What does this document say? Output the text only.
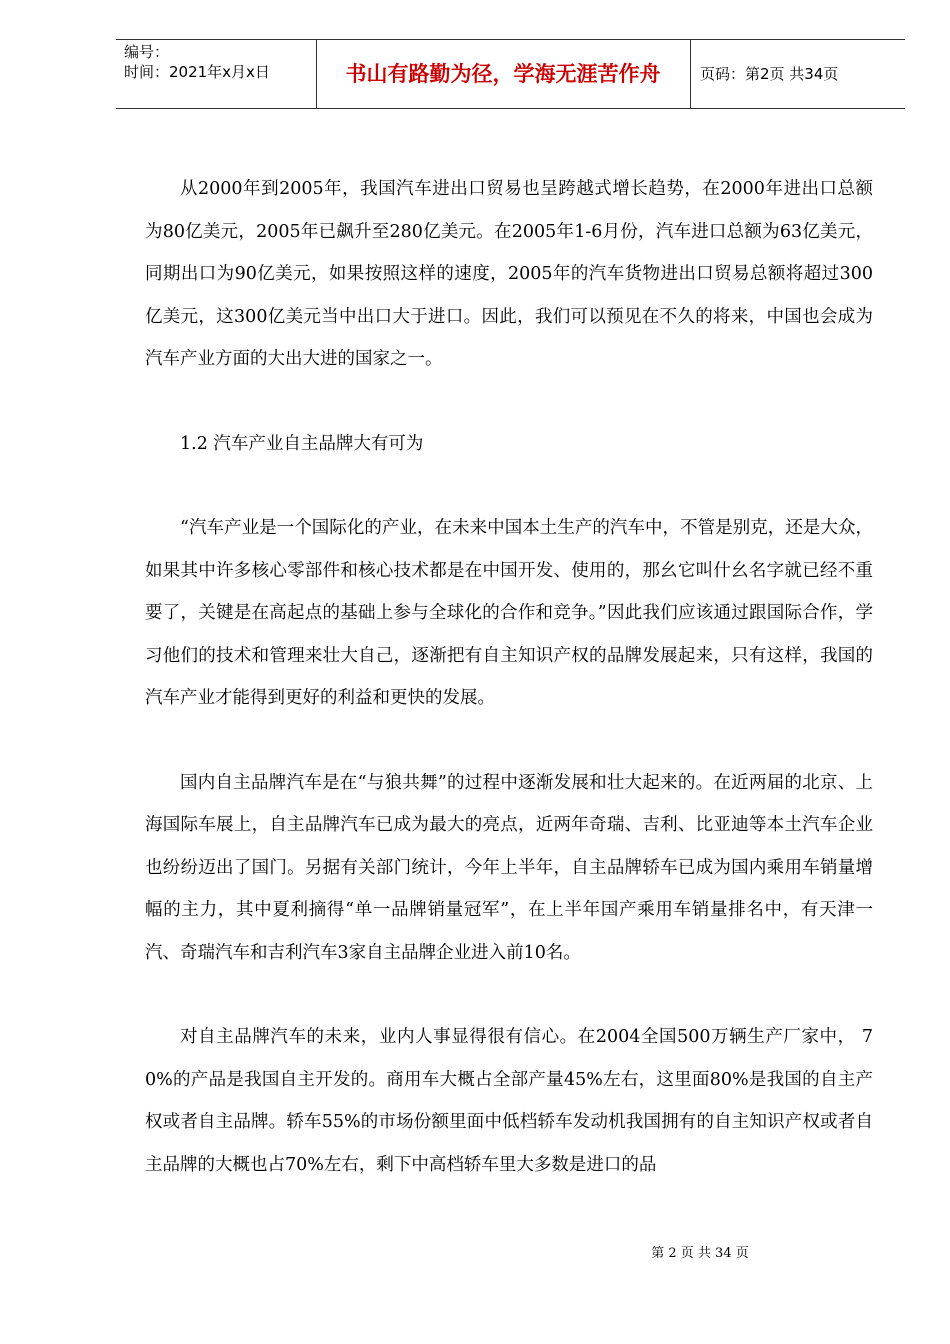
编号：
时间：2021年x月x日	书山有路勤为径，学海无涯苦作舟	页码：第2页 共34页

从2000年到2005年，我国汽车进出口贸易也呈跨越式增长趋势，在2000年进出口总额为80亿美元，2005年已飙升至280亿美元。在2005年1-6月份，汽车进口总额为63亿美元，同期出口为90亿美元，如果按照这样的速度，2005年的汽车货物进出口贸易总额将超过300亿美元，这300亿美元当中出口大于进口。因此，我们可以预见在不久的将来，中国也会成为汽车产业方面的大出大进的国家之一。

1.2 汽车产业自主品牌大有可为

“汽车产业是一个国际化的产业，在未来中国本土生产的汽车中，不管是别克，还是大众，如果其中许多核心零部件和核心技术都是在中国开发、使用的，那幺它叫什幺名字就已经不重要了，关键是在高起点的基础上参与全球化的合作和竞争。”因此我们应该通过跟国际合作，学习他们的技术和管理来壮大自己，逐渐把有自主知识产权的品牌发展起来，只有这样，我国的汽车产业才能得到更好的利益和更快的发展。

国内自主品牌汽车是在“与狼共舞”的过程中逐渐发展和壮大起来的。在近两届的北京、上海国际车展上，自主品牌汽车已成为最大的亮点，近两年奇瑞、吉利、比亚迪等本土汽车企业也纷纷迈出了国门。另据有关部门统计，今年上半年，自主品牌轿车已成为国内乘用车销量增幅的主力，其中夏利摘得“单一品牌销量冠军”，在上半年国产乘用车销量排名中，有天津一汽、奇瑞汽车和吉利汽车3家自主品牌企业进入前10名。

对自主品牌汽车的未来，业内人事显得很有信心。在2004全国500万辆生产厂家中， 70%的产品是我国自主开发的。商用车大概占全部产量45%左右，这里面80%是我国的自主产权或者自主品牌。轿车55%的市场份额里面中低档轿车发动机我国拥有的自主知识产权或者自主品牌的大概也占70%左右，剩下中高档轿车里大多数是进口的品

第 2 页 共 34 页
